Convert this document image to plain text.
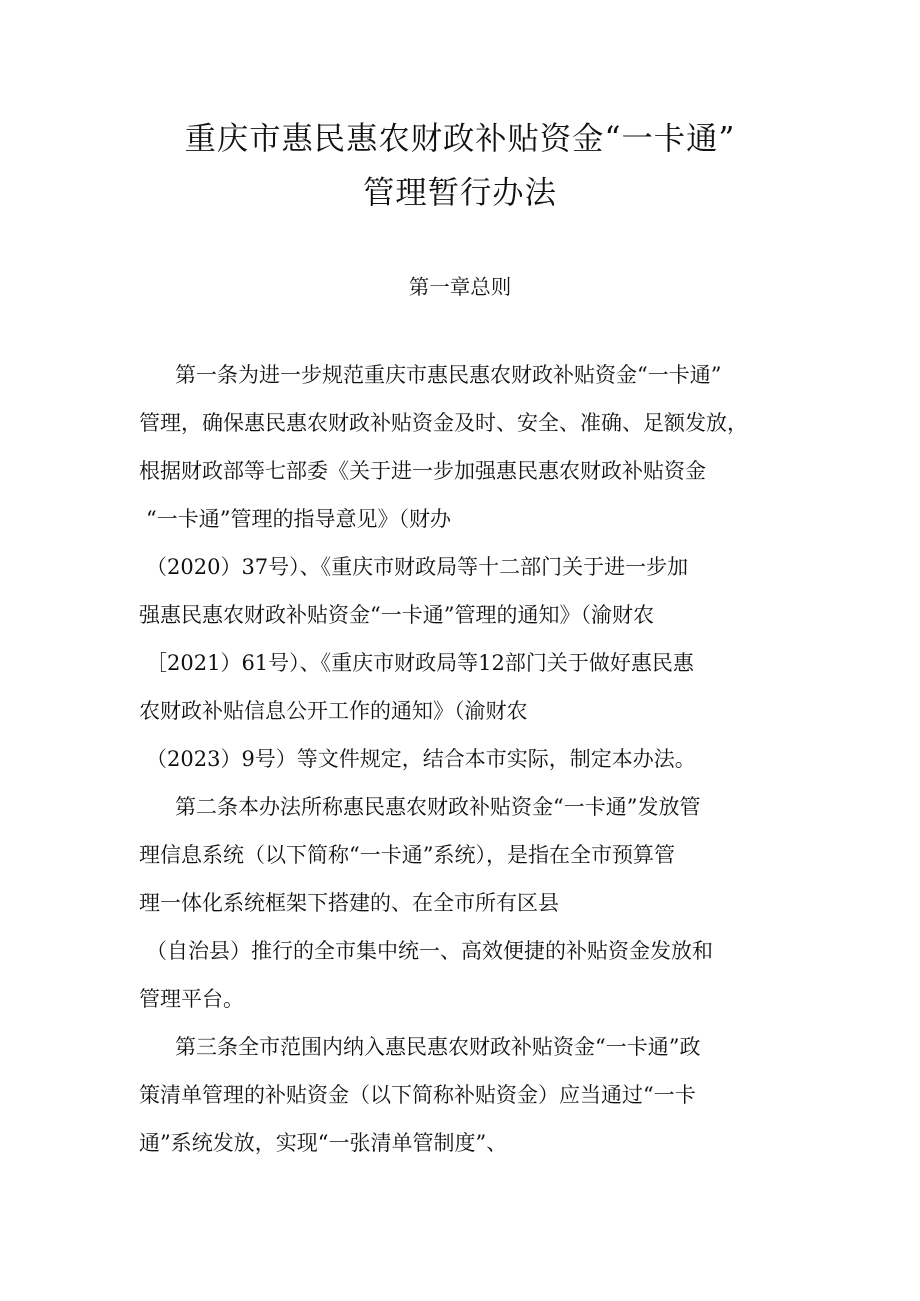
重庆市惠民惠农财政补贴资金“一卡通”
管理暂行办法
第一章总则
第一条为进一步规范重庆市惠民惠农财政补贴资金“一卡通”
管理，确保惠民惠农财政补贴资金及时、安全、准确、足额发放，
根据财政部等七部委《关于进一步加强惠民惠农财政补贴资金
“一卡通”管理的指导意见》（财办
（2020）37号）、《重庆市财政局等十二部门关于进一步加
强惠民惠农财政补贴资金“一卡通”管理的通知》（渝财农
［2021）61号）、《重庆市财政局等12部门关于做好惠民惠
农财政补贴信息公开工作的通知》（渝财农
（2023）9号）等文件规定，结合本市实际，制定本办法。
第二条本办法所称惠民惠农财政补贴资金“一卡通”发放管
理信息系统（以下简称“一卡通”系统），是指在全市预算管
理一体化系统框架下搭建的、在全市所有区县
（自治县）推行的全市集中统一、高效便捷的补贴资金发放和
管理平台。
第三条全市范围内纳入惠民惠农财政补贴资金“一卡通”政
策清单管理的补贴资金（以下简称补贴资金）应当通过“一卡
通”系统发放，实现“一张清单管制度”、
